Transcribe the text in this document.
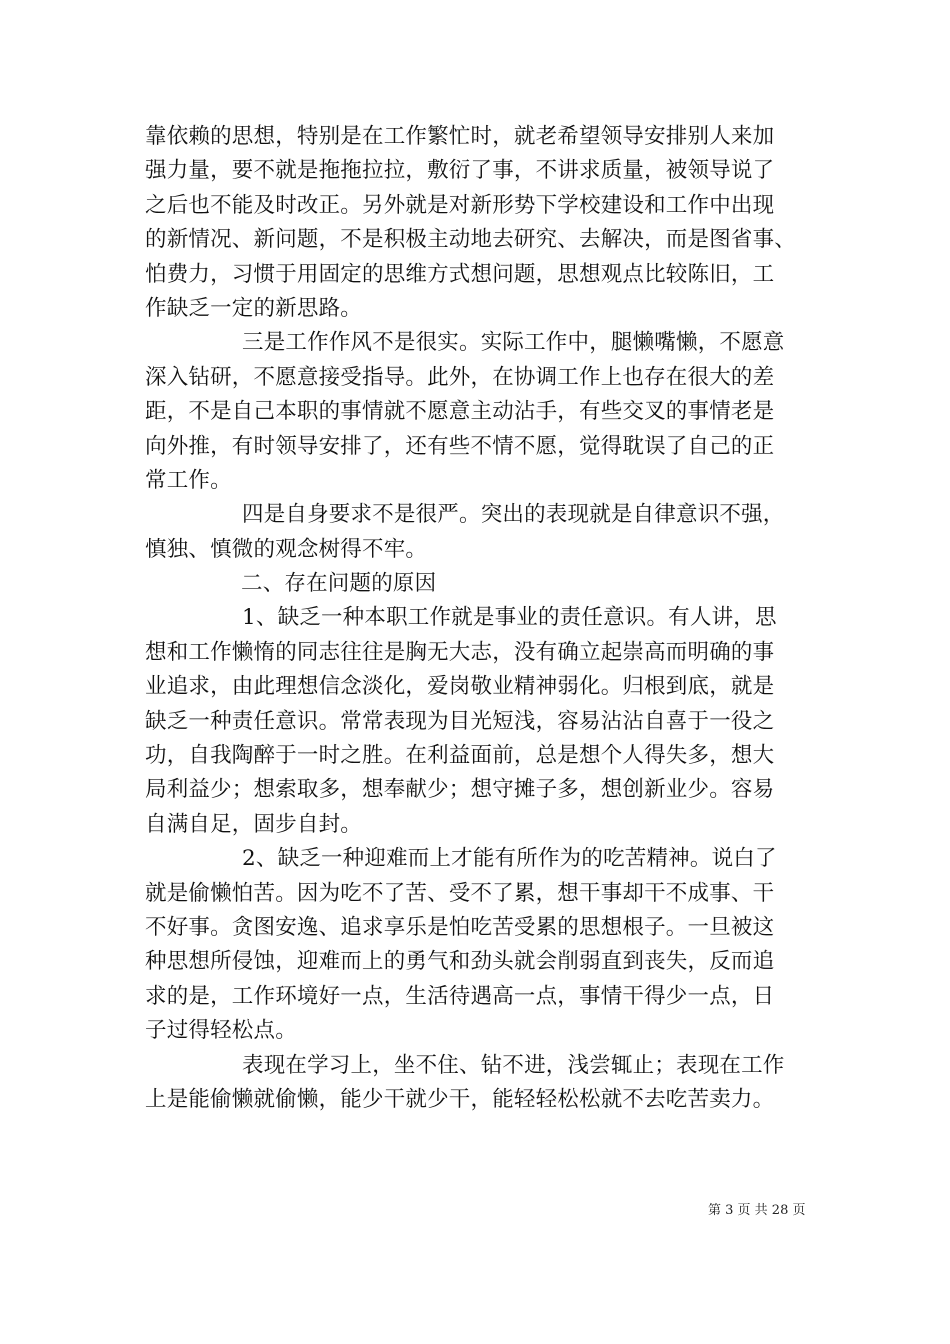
靠依赖的思想，特别是在工作繁忙时，就老希望领导安排别人来加
强力量，要不就是拖拖拉拉，敷衍了事，不讲求质量，被领导说了
之后也不能及时改正。另外就是对新形势下学校建设和工作中出现
的新情况、新问题，不是积极主动地去研究、去解决，而是图省事、
怕费力，习惯于用固定的思维方式想问题，思想观点比较陈旧，工
作缺乏一定的新思路。
三是工作作风不是很实。实际工作中，腿懒嘴懒，不愿意
深入钻研，不愿意接受指导。此外，在协调工作上也存在很大的差
距，不是自己本职的事情就不愿意主动沾手，有些交叉的事情老是
向外推，有时领导安排了，还有些不情不愿，觉得耽误了自己的正
常工作。
四是自身要求不是很严。突出的表现就是自律意识不强，
慎独、慎微的观念树得不牢。
二、存在问题的原因
1、缺乏一种本职工作就是事业的责任意识。有人讲，思
想和工作懒惰的同志往往是胸无大志，没有确立起崇高而明确的事
业追求，由此理想信念淡化，爱岗敬业精神弱化。归根到底，就是
缺乏一种责任意识。常常表现为目光短浅，容易沾沾自喜于一役之
功，自我陶醉于一时之胜。在利益面前，总是想个人得失多，想大
局利益少；想索取多，想奉献少；想守摊子多，想创新业少。容易
自满自足，固步自封。
2、缺乏一种迎难而上才能有所作为的吃苦精神。说白了
就是偷懒怕苦。因为吃不了苦、受不了累，想干事却干不成事、干
不好事。贪图安逸、追求享乐是怕吃苦受累的思想根子。一旦被这
种思想所侵蚀，迎难而上的勇气和劲头就会削弱直到丧失，反而追
求的是，工作环境好一点，生活待遇高一点，事情干得少一点，日
子过得轻松点。
表现在学习上，坐不住、钻不进，浅尝辄止；表现在工作
上是能偷懒就偷懒，能少干就少干，能轻轻松松就不去吃苦卖力。
第 3 页 共 28 页
